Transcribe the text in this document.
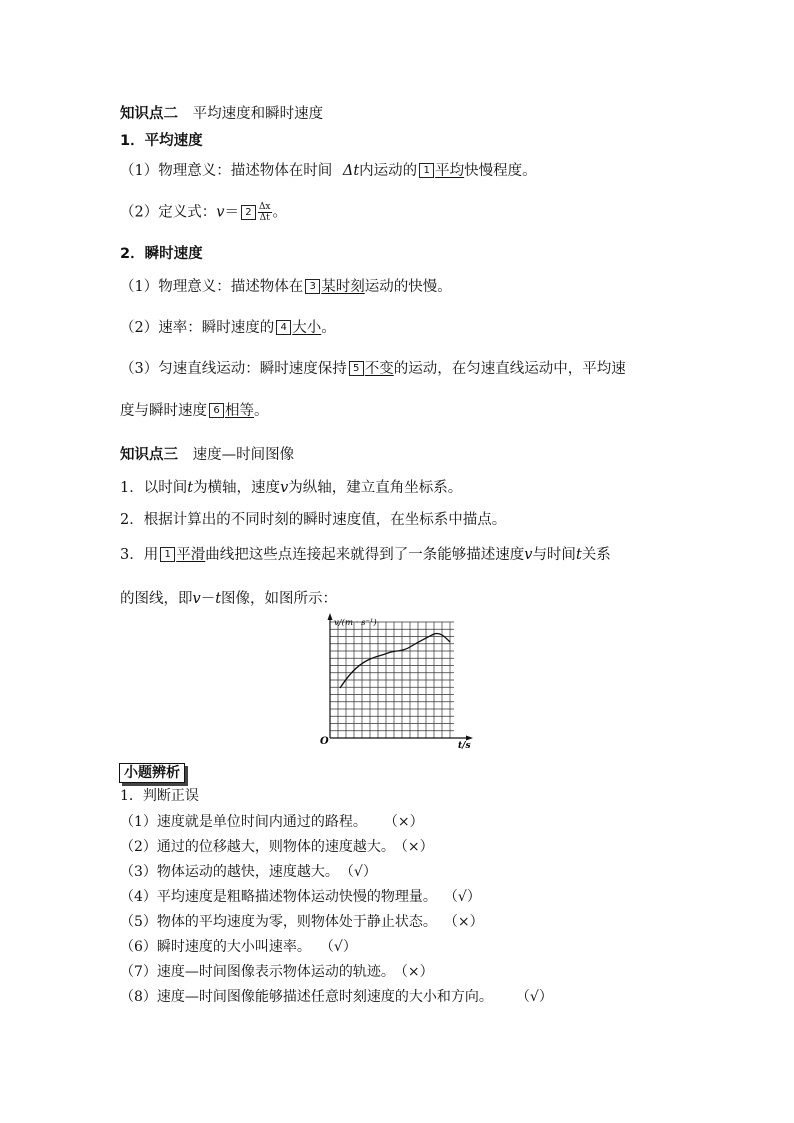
知识点二 平均速度和瞬时速度
1．平均速度
（1）物理意义：描述物体在时间 Δt内运动的 1 平均快慢程度。
（2）定义式：$v= 2 \frac{\Delta x}{\Delta t}$ 。
2．瞬时速度
（1）物理意义：描述物体在 3 某时刻运动的快慢。
（2）速率：瞬时速度的 4 大小。
（3）匀速直线运动：瞬时速度保持 5 不变的运动，在匀速直线运动中，平均速
度与瞬时速度 6 相等。
知识点三 速度—时间图像
1．以时间t为横轴，速度v为纵轴，建立直角坐标系。
2．根据计算出的不同时刻的瞬时速度值，在坐标系中描点。
3．用 1 平滑曲线把这些点连接起来就得到了一条能够描述速度v与时间t关系
的图线，即v－t图像，如图所示：
v/(m · s⁻¹)
t/s
O
小题辨析
1．判断正误
（1）速度就是单位时间内通过的路程。 （×）
（2）通过的位移越大，则物体的速度越大。 （×）
（3）物体运动的越快，速度越大。 （√）
（4）平均速度是粗略描述物体运动快慢的物理量。 （√）
（5）物体的平均速度为零，则物体处于静止状态。 （×）
（6）瞬时速度的大小叫速率。 （√）
（7）速度—时间图像表示物体运动的轨迹。 （×）
（8）速度—时间图像能够描述任意时刻速度的大小和方向。 （√）
